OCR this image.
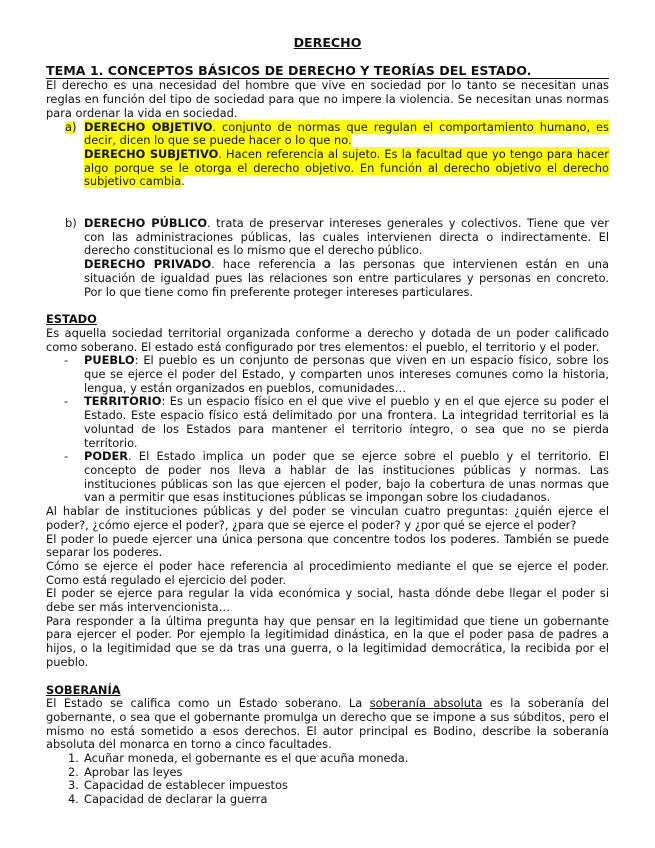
DERECHO
TEMA 1. CONCEPTOS BÁSICOS DE DERECHO Y TEORÍAS DEL ESTADO.

El derecho es una necesidad del hombre que vive en sociedad por lo tanto se necesitan unas reglas en función del tipo de sociedad para que no impere la violencia. Se necesitan unas normas para ordenar la vida en sociedad.

a) DERECHO OBJETIVO. conjunto de normas que regulan el comportamiento humano, es decir, dicen lo que se puede hacer o lo que no.
DERECHO SUBJETIVO. Hacen referencia al sujeto. Es la facultad que yo tengo para hacer algo porque se le otorga el derecho objetivo. En función al derecho objetivo el derecho subjetivo cambia.
b) DERECHO PÚBLICO. trata de preservar intereses generales y colectivos. Tiene que ver con las administraciones públicas, las cuales intervienen directa o indirectamente. El derecho constitucional es lo mismo que el derecho público.
DERECHO PRIVADO. hace referencia a las personas que intervienen están en una situación de igualdad pues las relaciones son entre particulares y personas en concreto. Por lo que tiene como fin preferente proteger intereses particulares.
ESTADO

Es aquella sociedad territorial organizada conforme a derecho y dotada de un poder calificado como soberano. El estado está configurado por tres elementos: el pueblo, el territorio y el poder.

- PUEBLO: El pueblo es un conjunto de personas que viven en un espacio físico, sobre los que se ejerce el poder del Estado, y comparten unos intereses comunes como la historia, lengua, y están organizados en pueblos, comunidades…
- TERRITORIO: Es un espacio físico en el que vive el pueblo y en el que ejerce su poder el Estado. Este espacio físico está delimitado por una frontera. La integridad territorial es la voluntad de los Estados para mantener el territorio íntegro, o sea que no se pierda territorio.
- PODER. El Estado implica un poder que se ejerce sobre el pueblo y el territorio. El concepto de poder nos lleva a hablar de las instituciones públicas y normas. Las instituciones públicas son las que ejercen el poder, bajo la cobertura de unas normas que van a permitir que esas instituciones públicas se impongan sobre los ciudadanos.

Al hablar de instituciones públicas y del poder se vinculan cuatro preguntas: ¿quién ejerce el poder?, ¿cómo ejerce el poder?, ¿para que se ejerce el poder? y ¿por qué se ejerce el poder?

El poder lo puede ejercer una única persona que concentre todos los poderes. También se puede separar los poderes.

Cómo se ejerce el poder hace referencia al procedimiento mediante el que se ejerce el poder. Como está regulado el ejercicio del poder.

El poder se ejerce para regular la vida económica y social, hasta dónde debe llegar el poder si debe ser más intervencionista…

Para responder a la última pregunta hay que pensar en la legitimidad que tiene un gobernante para ejercer el poder. Por ejemplo la legitimidad dinástica, en la que el poder pasa de padres a hijos, o la legitimidad que se da tras una guerra, o la legitimidad democrática, la recibida por el pueblo.

SOBERANÍA

El Estado se califica como un Estado soberano. La soberanía absoluta es la soberanía del gobernante, o sea que el gobernante promulga un derecho que se impone a sus súbditos, pero el mismo no está sometido a esos derechos. El autor principal es Bodino, describe la soberanía absoluta del monarca en torno a cinco facultades.

1. Acuñar moneda, el gobernante es el que acuña moneda.
2. Aprobar las leyes
3. Capacidad de establecer impuestos
4. Capacidad de declarar la guerra
